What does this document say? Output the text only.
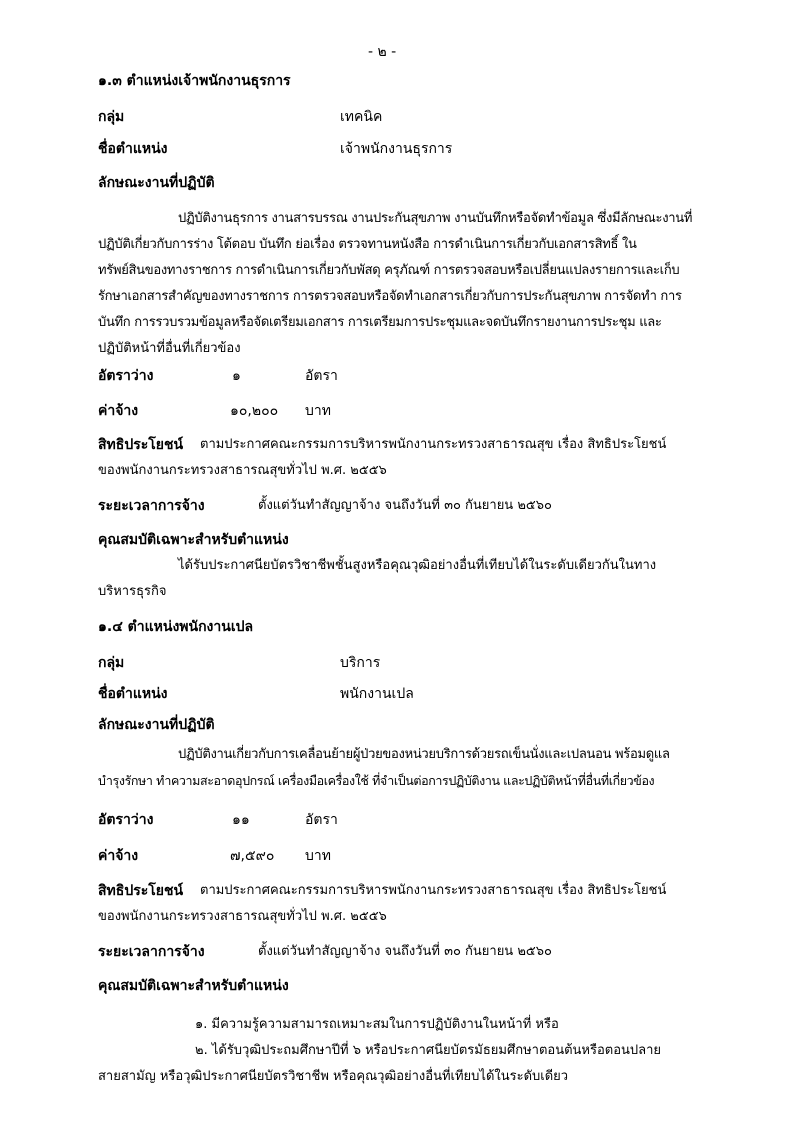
- ๒ -
๑.๓ ตำแหน่งเจ้าพนักงานธุรการ
กลุ่ม	เทคนิค
ชื่อตำแหน่ง	เจ้าพนักงานธุรการ
ลักษณะงานที่ปฏิบัติ
ปฏิบัติงานธุรการ งานสารบรรณ งานประกันสุขภาพ งานบันทึกหรือจัดทำข้อมูล ซึ่งมีลักษณะงานที่
ปฏิบัติเกี่ยวกับการร่าง โต้ตอบ บันทึก ย่อเรื่อง ตรวจทานหนังสือ การดำเนินการเกี่ยวกับเอกสารสิทธิ์ ใน
ทรัพย์สินของทางราชการ การดำเนินการเกี่ยวกับพัสดุ ครุภัณฑ์ การตรวจสอบหรือเปลี่ยนแปลงรายการและเก็บ
รักษาเอกสารสำคัญของทางราชการ การตรวจสอบหรือจัดทำเอกสารเกี่ยวกับการประกันสุขภาพ การจัดทำ การ
บันทึก การรวบรวมข้อมูลหรือจัดเตรียมเอกสาร การเตรียมการประชุมและจดบันทึกรายงานการประชุม และ
ปฏิบัติหน้าที่อื่นที่เกี่ยวข้อง
อัตราว่าง	๑	อัตรา
ค่าจ้าง	๑๐,๒๐๐ บาท
สิทธิประโยชน์ ตามประกาศคณะกรรมการบริหารพนักงานกระทรวงสาธารณสุข เรื่อง สิทธิประโยชน์
ของพนักงานกระทรวงสาธารณสุขทั่วไป พ.ศ. ๒๕๕๖
ระยะเวลาการจ้าง	ตั้งแต่วันทำสัญญาจ้าง จนถึงวันที่ ๓๐ กันยายน ๒๕๖๐
คุณสมบัติเฉพาะสำหรับตำแหน่ง
ได้รับประกาศนียบัตรวิชาชีพชั้นสูงหรือคุณวุฒิอย่างอื่นที่เทียบได้ในระดับเดียวกันในทาง
บริหารธุรกิจ
๑.๔ ตำแหน่งพนักงานเปล
กลุ่ม	บริการ
ชื่อตำแหน่ง	พนักงานเปล
ลักษณะงานที่ปฏิบัติ
ปฏิบัติงานเกี่ยวกับการเคลื่อนย้ายผู้ป่วยของหน่วยบริการด้วยรถเข็นนั่งและเปลนอน พร้อมดูแล
บำรุงรักษา ทำความสะอาดอุปกรณ์ เครื่องมือเครื่องใช้ ที่จำเป็นต่อการปฏิบัติงาน และปฏิบัติหน้าที่อื่นที่เกี่ยวข้อง
อัตราว่าง	๑๑	อัตรา
ค่าจ้าง	๗,๕๙๐ บาท
สิทธิประโยชน์ ตามประกาศคณะกรรมการบริหารพนักงานกระทรวงสาธารณสุข เรื่อง สิทธิประโยชน์
ของพนักงานกระทรวงสาธารณสุขทั่วไป พ.ศ. ๒๕๕๖
ระยะเวลาการจ้าง	ตั้งแต่วันทำสัญญาจ้าง จนถึงวันที่ ๓๐ กันยายน ๒๕๖๐
คุณสมบัติเฉพาะสำหรับตำแหน่ง
๑. มีความรู้ความสามารถเหมาะสมในการปฏิบัติงานในหน้าที่ หรือ
๒. ได้รับวุฒิประถมศึกษาปีที่ ๖ หรือประกาศนียบัตรมัธยมศึกษาตอนต้นหรือตอนปลาย
สายสามัญ หรือวุฒิประกาศนียบัตรวิชาชีพ หรือคุณวุฒิอย่างอื่นที่เทียบได้ในระดับเดียว
